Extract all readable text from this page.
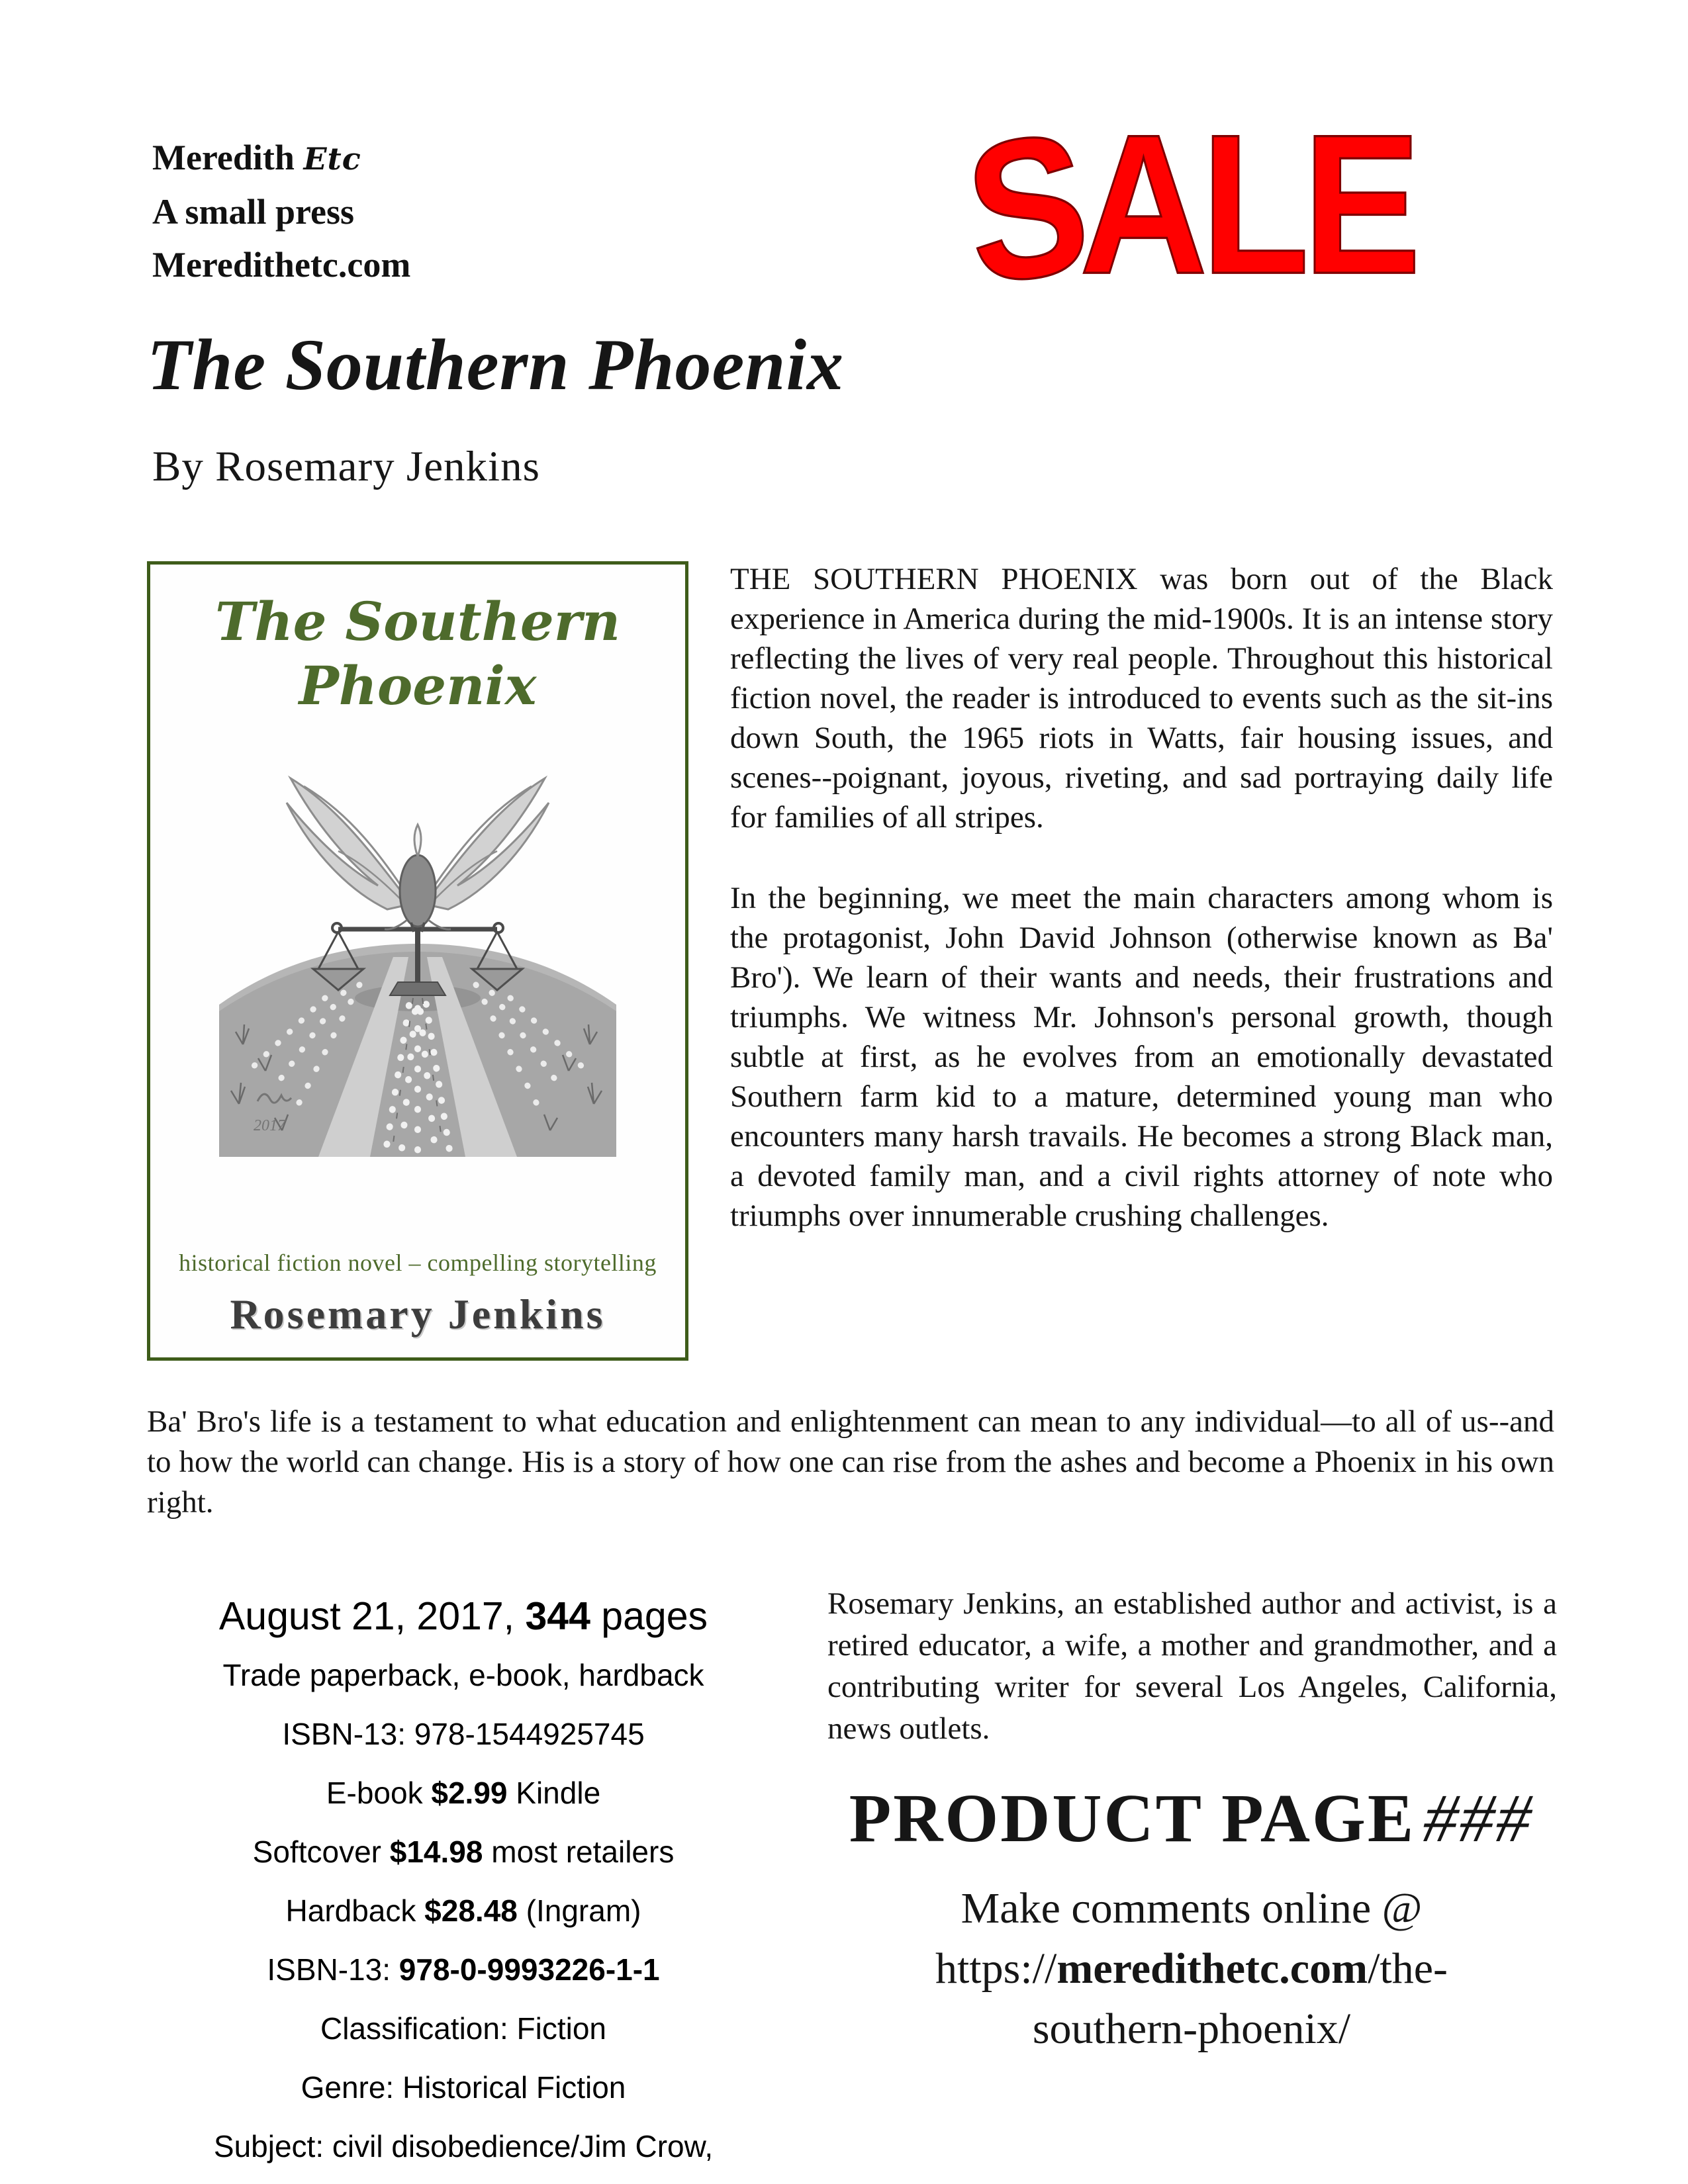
Meredith Etc
A small press
Meredithetc.com	SALE
The Southern Phoenix
By Rosemary Jenkins
The Southern
Phoenix
2017
historical fiction novel – compelling storytelling
Rosemary Jenkins

THE SOUTHERN PHOENIX was born out of the Black experience in America during the mid-1900s. It is an intense story reflecting the lives of very real people. Throughout this historical fiction novel, the reader is introduced to events such as the sit-ins down South, the 1965 riots in Watts, fair housing issues, and scenes--poignant, joyous, riveting, and sad portraying daily life for families of all stripes.

In the beginning, we meet the main characters among whom is the protagonist, John David Johnson (otherwise known as Ba' Bro'). We learn of their wants and needs, their frustrations and triumphs. We witness Mr. Johnson's personal growth, though subtle at first, as he evolves from an emotionally devastated Southern farm kid to a mature, determined young man who encounters many harsh travails. He becomes a strong Black man, a devoted family man, and a civil rights attorney of note who triumphs over innumerable crushing challenges.

Ba' Bro's life is a testament to what education and enlightenment can mean to any individual—to all of us--and to how the world can change. His is a story of how one can rise from the ashes and become a Phoenix in his own right.
August 21, 2017, 344 pages
Trade paperback, e-book, hardback
ISBN-13: 978-1544925745
E-book $2.99 Kindle
Softcover $14.98 most retailers
Hardback $28.48 (Ingram)
ISBN-13: 978-0-9993226-1-1
Classification: Fiction
Genre: Historical Fiction
Subject: civil disobedience/Jim Crow,
Rosemary Jenkins, an established author and activist, is a retired educator, a wife, a mother and grandmother, and a contributing writer for several Los Angeles, California, news outlets.
PRODUCT PAGE###
Make comments online @
https://meredithetc.com/the-
southern-phoenix/
